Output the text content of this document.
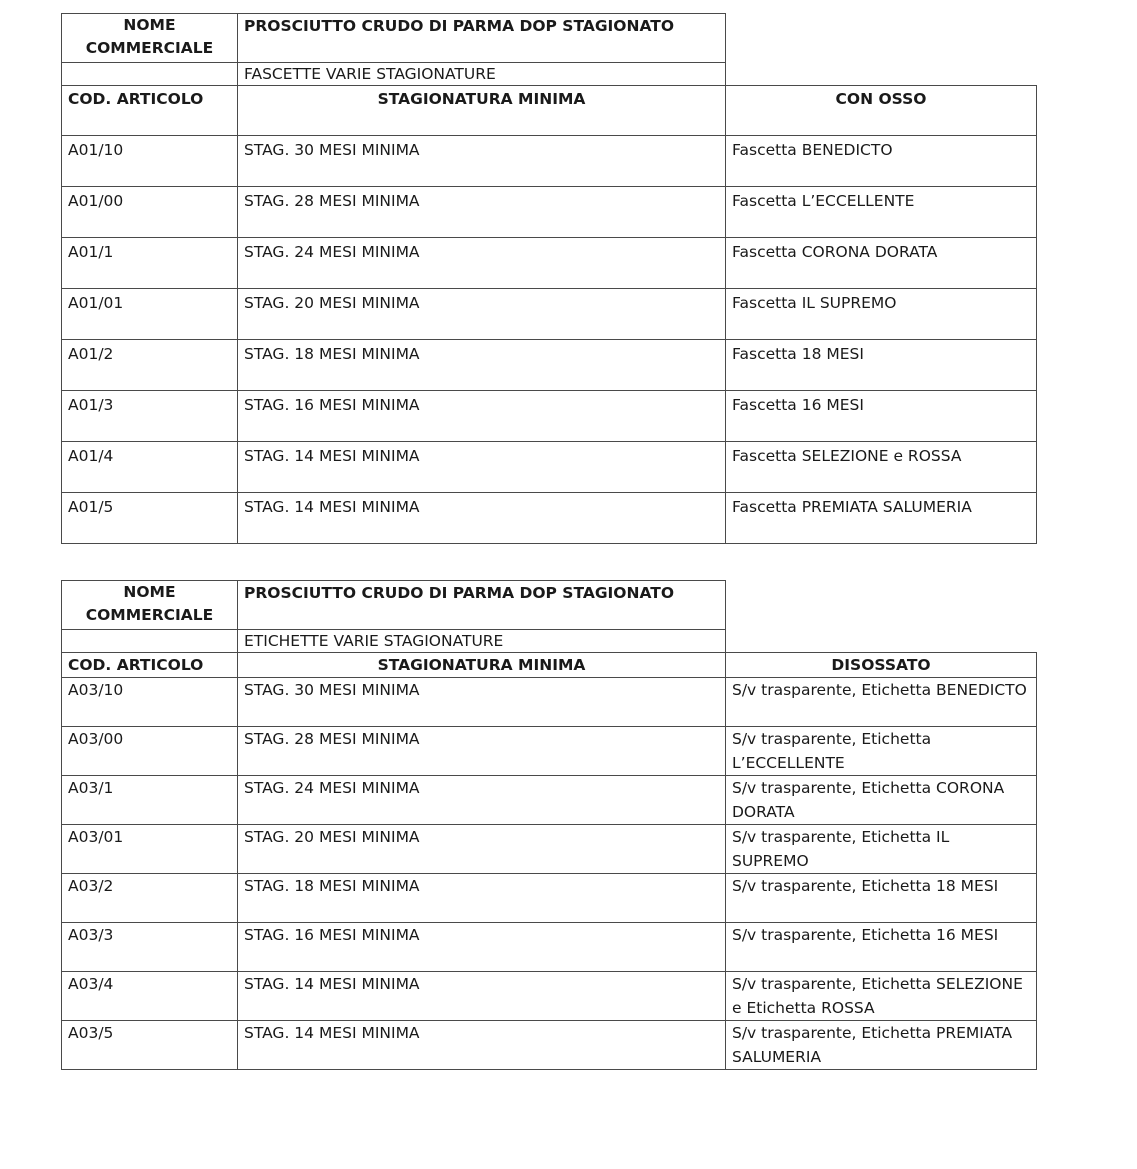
NOME COMMERCIALE	PROSCIUTTO CRUDO DI PARMA DOP STAGIONATO	
	FASCETTE VARIE STAGIONATURE	
COD. ARTICOLO	STAGIONATURA MINIMA	CON OSSO
A01/10	STAG. 30 MESI MINIMA	Fascetta BENEDICTO
A01/00	STAG. 28 MESI MINIMA	Fascetta L’ECCELLENTE
A01/1	STAG. 24 MESI MINIMA	Fascetta CORONA DORATA
A01/01	STAG. 20 MESI MINIMA	Fascetta IL SUPREMO
A01/2	STAG. 18 MESI MINIMA	Fascetta 18 MESI
A01/3	STAG. 16 MESI MINIMA	Fascetta 16 MESI
A01/4	STAG. 14 MESI MINIMA	Fascetta SELEZIONE e ROSSA
A01/5	STAG. 14 MESI MINIMA	Fascetta PREMIATA SALUMERIA
NOME COMMERCIALE	PROSCIUTTO CRUDO DI PARMA DOP STAGIONATO	
	ETICHETTE VARIE STAGIONATURE	
COD. ARTICOLO	STAGIONATURA MINIMA	DISOSSATO
A03/10	STAG. 30 MESI MINIMA	S/v trasparente, Etichetta BENEDICTO
A03/00	STAG. 28 MESI MINIMA	S/v trasparente, Etichetta L’ECCELLENTE
A03/1	STAG. 24 MESI MINIMA	S/v trasparente, Etichetta CORONA DORATA
A03/01	STAG. 20 MESI MINIMA	S/v trasparente, Etichetta IL SUPREMO
A03/2	STAG. 18 MESI MINIMA	S/v trasparente, Etichetta 18 MESI
A03/3	STAG. 16 MESI MINIMA	S/v trasparente, Etichetta 16 MESI
A03/4	STAG. 14 MESI MINIMA	S/v trasparente, Etichetta SELEZIONE e Etichetta ROSSA
A03/5	STAG. 14 MESI MINIMA	S/v trasparente, Etichetta PREMIATA SALUMERIA
